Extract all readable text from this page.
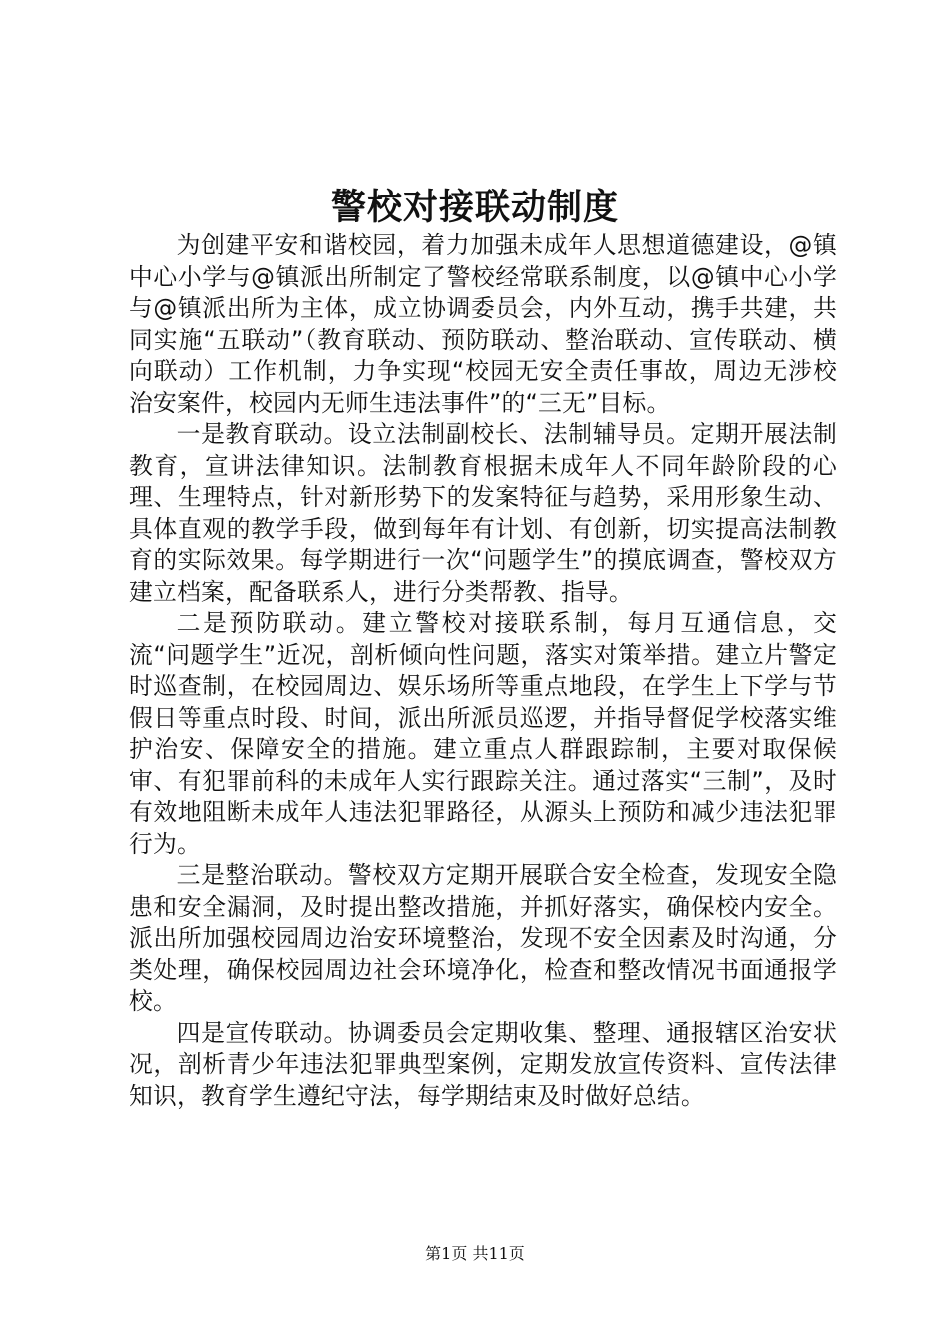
警校对接联动制度

为创建平安和谐校园，着力加强未成年人思想道德建设，@镇中心小学与@镇派出所制定了警校经常联系制度，以@镇中心小学与@镇派出所为主体，成立协调委员会，内外互动，携手共建，共同实施“五联动”（教育联动、预防联动、整治联动、宣传联动、横向联动）工作机制，力争实现“校园无安全责任事故，周边无涉校治安案件，校园内无师生违法事件”的“三无”目标。

一是教育联动。设立法制副校长、法制辅导员。定期开展法制教育，宣讲法律知识。法制教育根据未成年人不同年龄阶段的心理、生理特点，针对新形势下的发案特征与趋势，采用形象生动、具体直观的教学手段，做到每年有计划、有创新，切实提高法制教育的实际效果。每学期进行一次“问题学生”的摸底调查，警校双方建立档案，配备联系人，进行分类帮教、指导。

二是预防联动。建立警校对接联系制，每月互通信息，交流“问题学生”近况，剖析倾向性问题，落实对策举措。建立片警定时巡查制，在校园周边、娱乐场所等重点地段，在学生上下学与节假日等重点时段、时间，派出所派员巡逻，并指导督促学校落实维护治安、保障安全的措施。建立重点人群跟踪制，主要对取保候审、有犯罪前科的未成年人实行跟踪关注。通过落实“三制”，及时有效地阻断未成年人违法犯罪路径，从源头上预防和减少违法犯罪行为。

三是整治联动。警校双方定期开展联合安全检查，发现安全隐患和安全漏洞，及时提出整改措施，并抓好落实，确保校内安全。派出所加强校园周边治安环境整治，发现不安全因素及时沟通，分类处理，确保校园周边社会环境净化，检查和整改情况书面通报学校。

四是宣传联动。协调委员会定期收集、整理、通报辖区治安状况，剖析青少年违法犯罪典型案例，定期发放宣传资料、宣传法律知识，教育学生遵纪守法，每学期结束及时做好总结。

第1页 共11页
